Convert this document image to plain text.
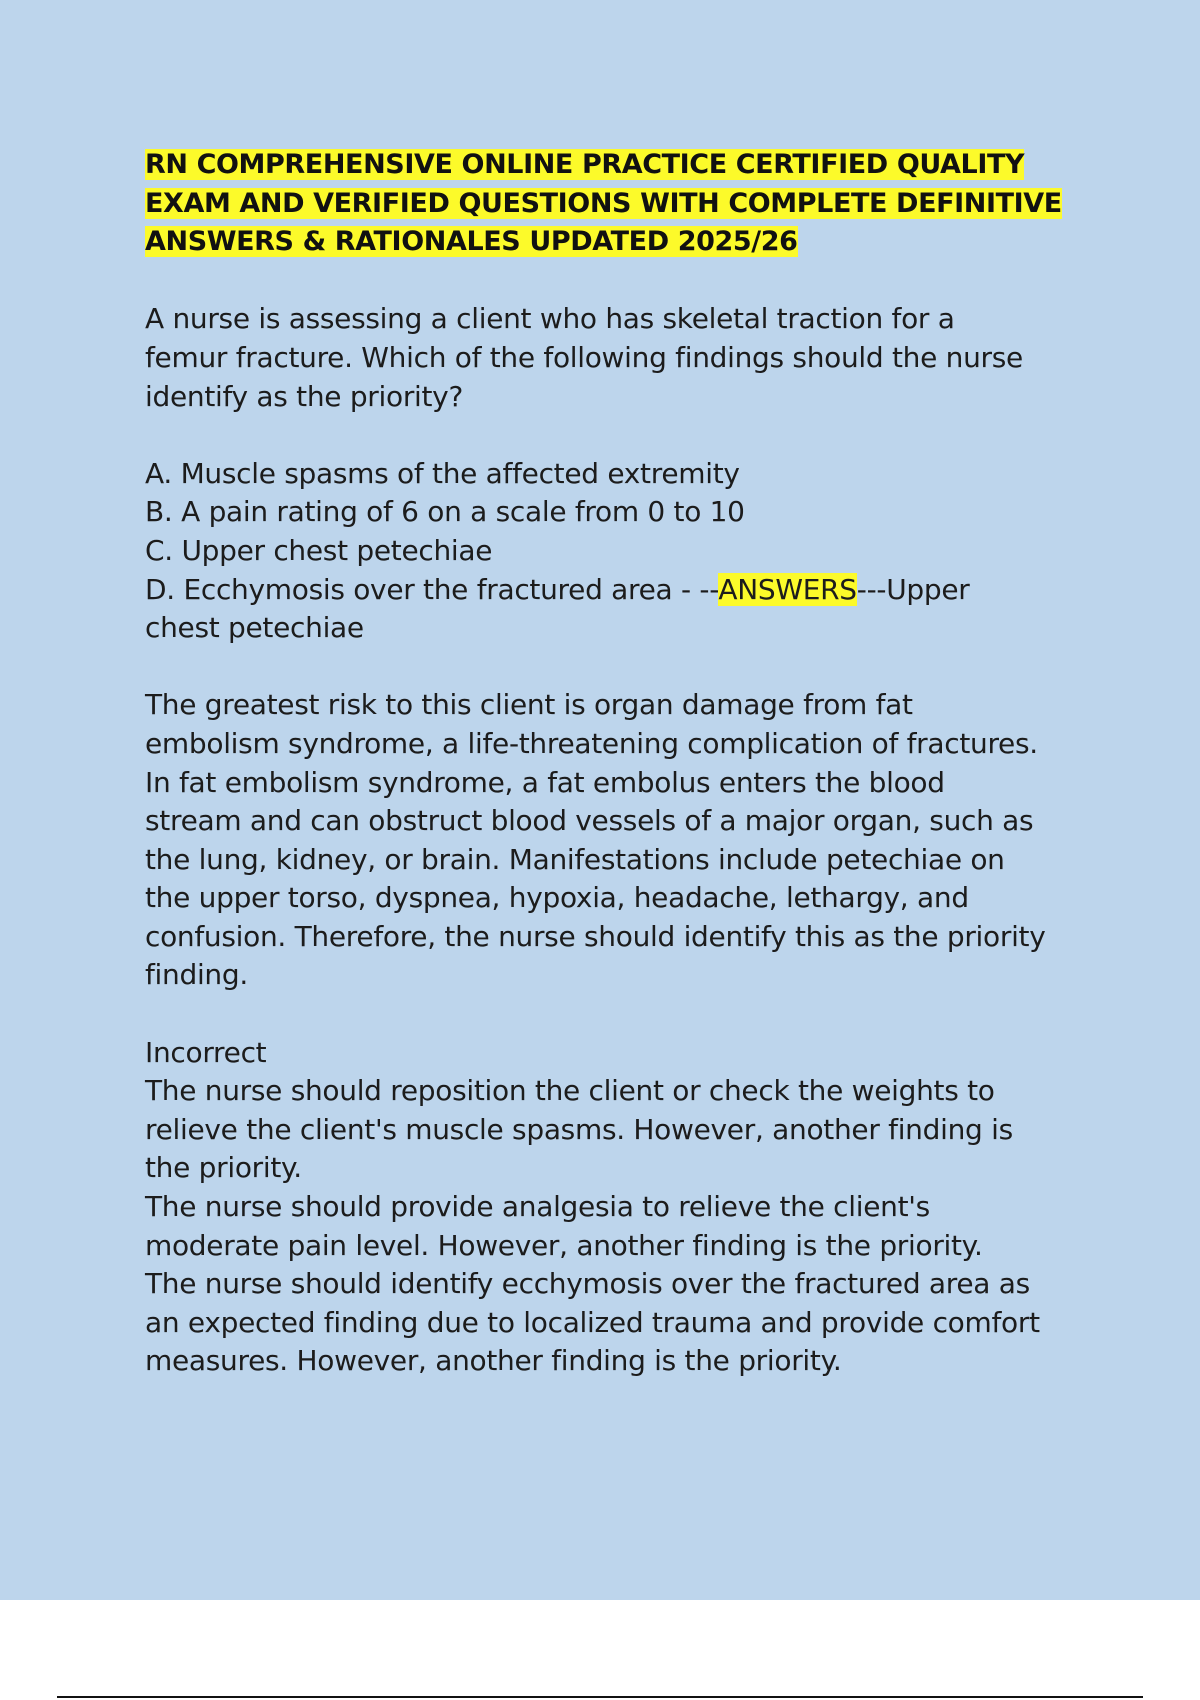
RN COMPREHENSIVE ONLINE PRACTICE CERTIFIED QUALITY
EXAM AND VERIFIED QUESTIONS WITH COMPLETE DEFINITIVE
ANSWERS & RATIONALES UPDATED 2025/26
A nurse is assessing a client who has skeletal traction for a
femur fracture. Which of the following findings should the nurse
identify as the priority?
A. Muscle spasms of the affected extremity
B. A pain rating of 6 on a scale from 0 to 10
C. Upper chest petechiae
D. Ecchymosis over the fractured area - --ANSWERS---Upper
chest petechiae
The greatest risk to this client is organ damage from fat
embolism syndrome, a life-threatening complication of fractures.
In fat embolism syndrome, a fat embolus enters the blood
stream and can obstruct blood vessels of a major organ, such as
the lung, kidney, or brain. Manifestations include petechiae on
the upper torso, dyspnea, hypoxia, headache, lethargy, and
confusion. Therefore, the nurse should identify this as the priority
finding.
Incorrect
The nurse should reposition the client or check the weights to
relieve the client's muscle spasms. However, another finding is
the priority.
The nurse should provide analgesia to relieve the client's
moderate pain level. However, another finding is the priority.
The nurse should identify ecchymosis over the fractured area as
an expected finding due to localized trauma and provide comfort
measures. However, another finding is the priority.
